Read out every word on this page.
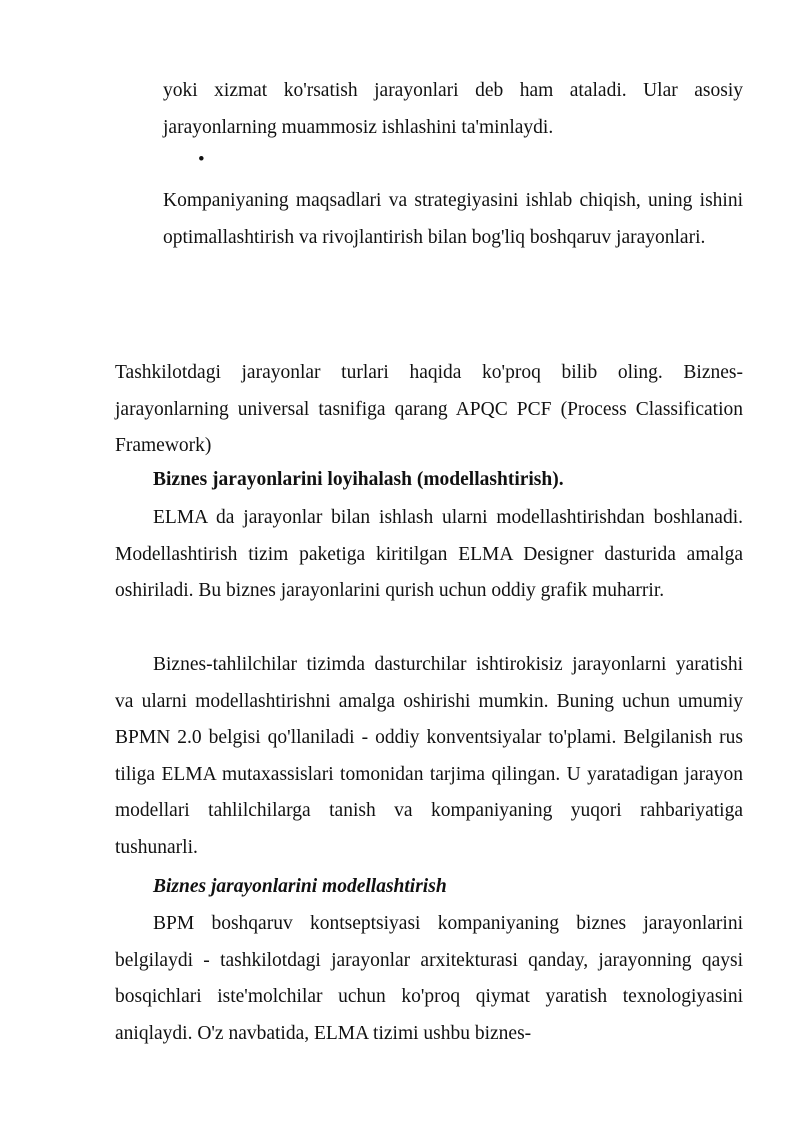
yoki xizmat ko'rsatish jarayonlari deb ham ataladi. Ular asosiy jarayonlarning muammosiz ishlashini ta'minlaydi.

•

Kompaniyaning maqsadlari va strategiyasini ishlab chiqish, uning ishini optimallashtirish va rivojlantirish bilan bog'liq boshqaruv jarayonlari.

Tashkilotdagi jarayonlar turlari haqida ko'proq bilib oling. Biznes-jarayonlarning universal tasnifiga qarang APQC PCF (Process Classification Framework)

Biznes jarayonlarini loyihalash (modellashtirish).

ELMA da jarayonlar bilan ishlash ularni modellashtirishdan boshlanadi. Modellashtirish tizim paketiga kiritilgan ELMA Designer dasturida amalga oshiriladi. Bu biznes jarayonlarini qurish uchun oddiy grafik muharrir.

Biznes-tahlilchilar tizimda dasturchilar ishtirokisiz jarayonlarni yaratishi va ularni modellashtirishni amalga oshirishi mumkin. Buning uchun umumiy BPMN 2.0 belgisi qo'llaniladi - oddiy konventsiyalar to'plami. Belgilanish rus tiliga ELMA mutaxassislari tomonidan tarjima qilingan. U yaratadigan jarayon modellari tahlilchilarga tanish va kompaniyaning yuqori rahbariyatiga tushunarli.

Biznes jarayonlarini modellashtirish

BPM boshqaruv kontseptsiyasi kompaniyaning biznes jarayonlarini belgilaydi - tashkilotdagi jarayonlar arxitekturasi qanday, jarayonning qaysi bosqichlari iste'molchilar uchun ko'proq qiymat yaratish texnologiyasini aniqlaydi. O'z navbatida, ELMA tizimi ushbu biznes-
